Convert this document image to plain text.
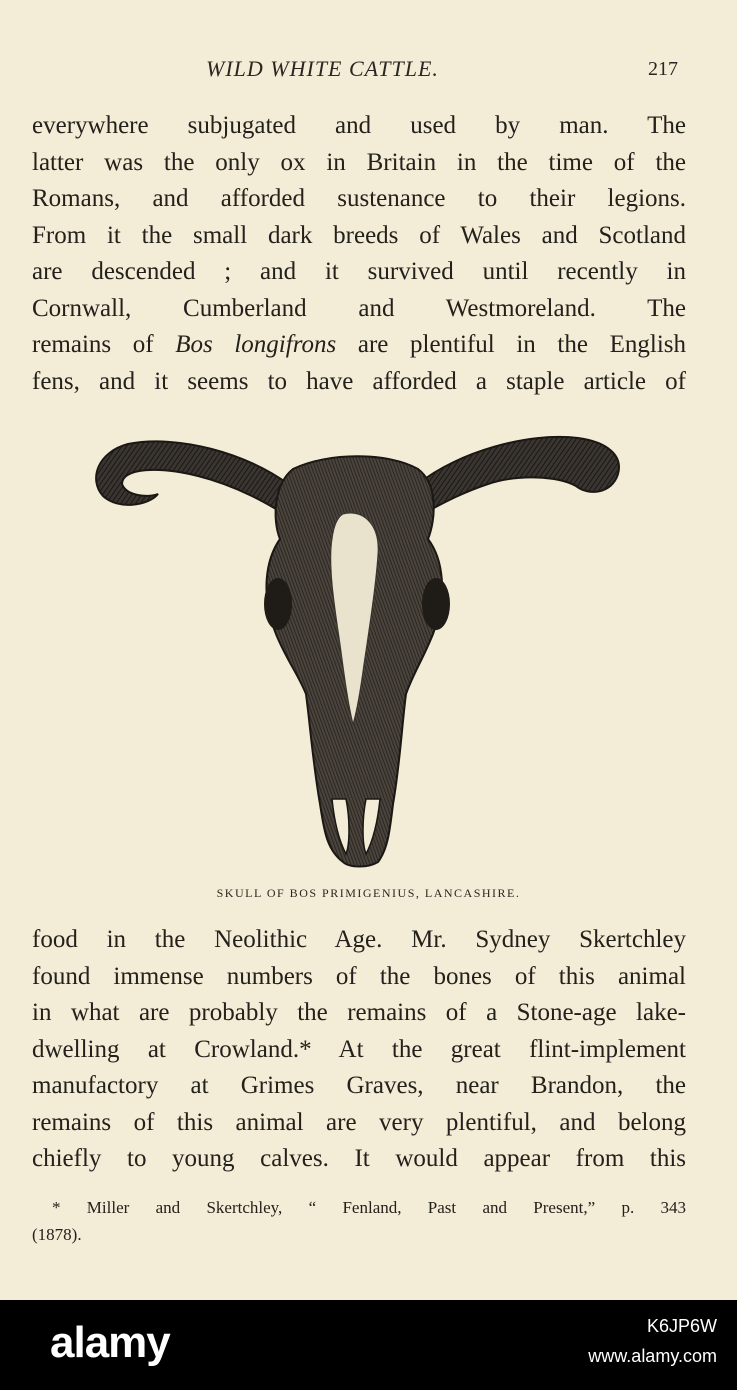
WILD WHITE CATTLE.	217
everywhere subjugated and used by man. The
latter was the only ox in Britain in the time of the
Romans, and afforded sustenance to their legions.
From it the small dark breeds of Wales and Scotland
are descended ; and it survived until recently in
Cornwall, Cumberland and Westmoreland. The
remains of Bos longifrons are plentiful in the English
fens, and it seems to have afforded a staple article of
SKULL OF BOS PRIMIGENIUS, LANCASHIRE.
food in the Neolithic Age. Mr. Sydney Skertchley
found immense numbers of the bones of this animal
in what are probably the remains of a Stone-age lake-
dwelling at Crowland.* At the great flint-implement
manufactory at Grimes Graves, near Brandon, the
remains of this animal are very plentiful, and belong
chiefly to young calves. It would appear from this
* Miller and Skertchley, “ Fenland, Past and Present,” p. 343
(1878).
alamy	K6JP6W
www.alamy.com
